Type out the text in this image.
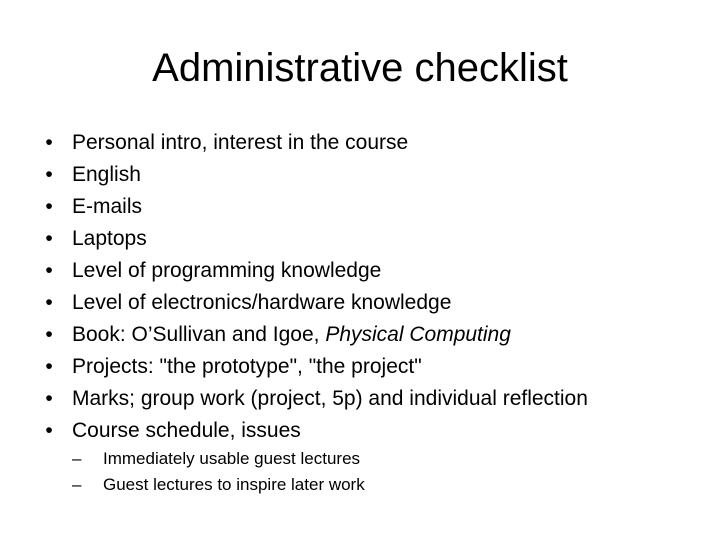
Administrative checklist
• Personal intro, interest in the course
• English
• E-mails
• Laptops
• Level of programming knowledge
• Level of electronics/hardware knowledge
• Book: O’Sullivan and Igoe, Physical Computing
• Projects: "the prototype", "the project"
• Marks; group work (project, 5p) and individual reflection
• Course schedule, issues
– Immediately usable guest lectures
– Guest lectures to inspire later work
